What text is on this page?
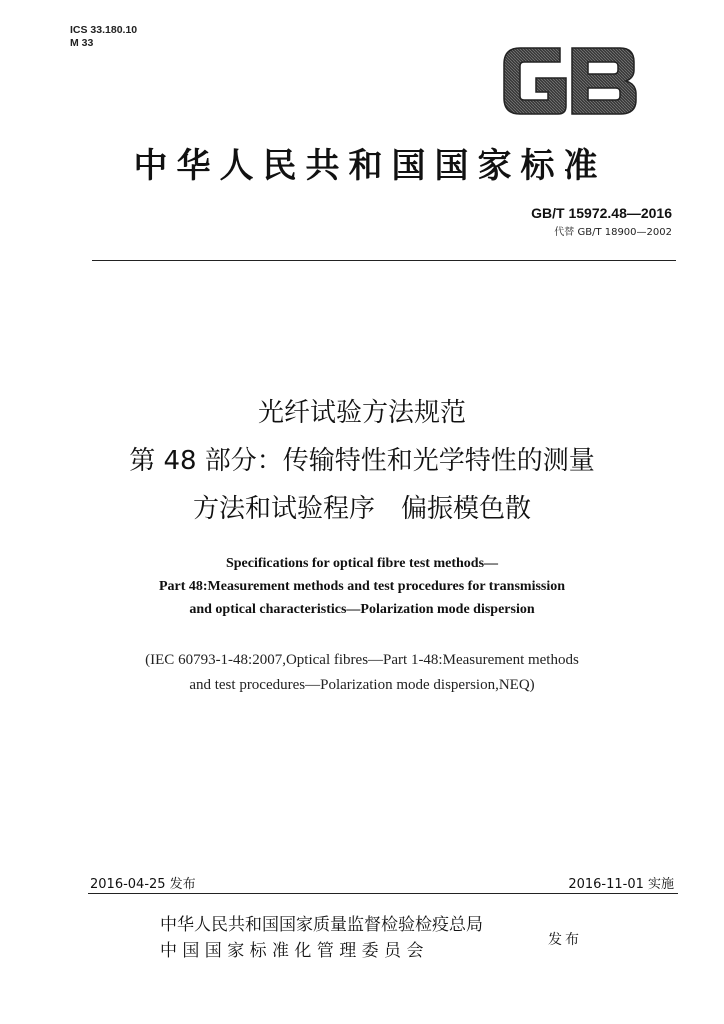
ICS 33.180.10
M 33
中华人民共和国国家标准
GB/T 15972.48—2016
代替 GB/T 18900—2002
光纤试验方法规范
第 48 部分：传输特性和光学特性的测量
方法和试验程序　偏振模色散
Specifications for optical fibre test methods—
Part 48:Measurement methods and test procedures for transmission
and optical characteristics—Polarization mode dispersion
(IEC 60793-1-48:2007,Optical fibres—Part 1-48:Measurement methods
and test procedures—Polarization mode dispersion,NEQ)
2016-04-25 发布	2016-11-01 实施
中华人民共和国国家质量监督检验检疫总局
中 国 国 家 标 准 化 管 理 委 员 会
发布
